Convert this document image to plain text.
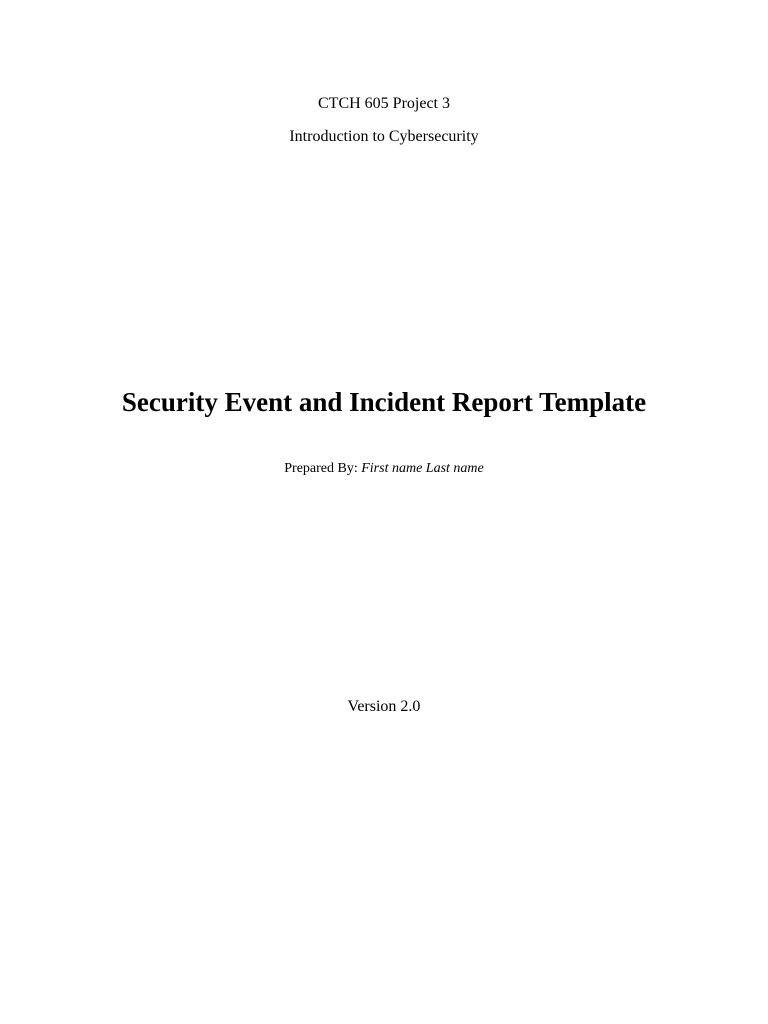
CTCH 605 Project 3
Introduction to Cybersecurity
Security Event and Incident Report Template
Prepared By: First name Last name
Version 2.0
